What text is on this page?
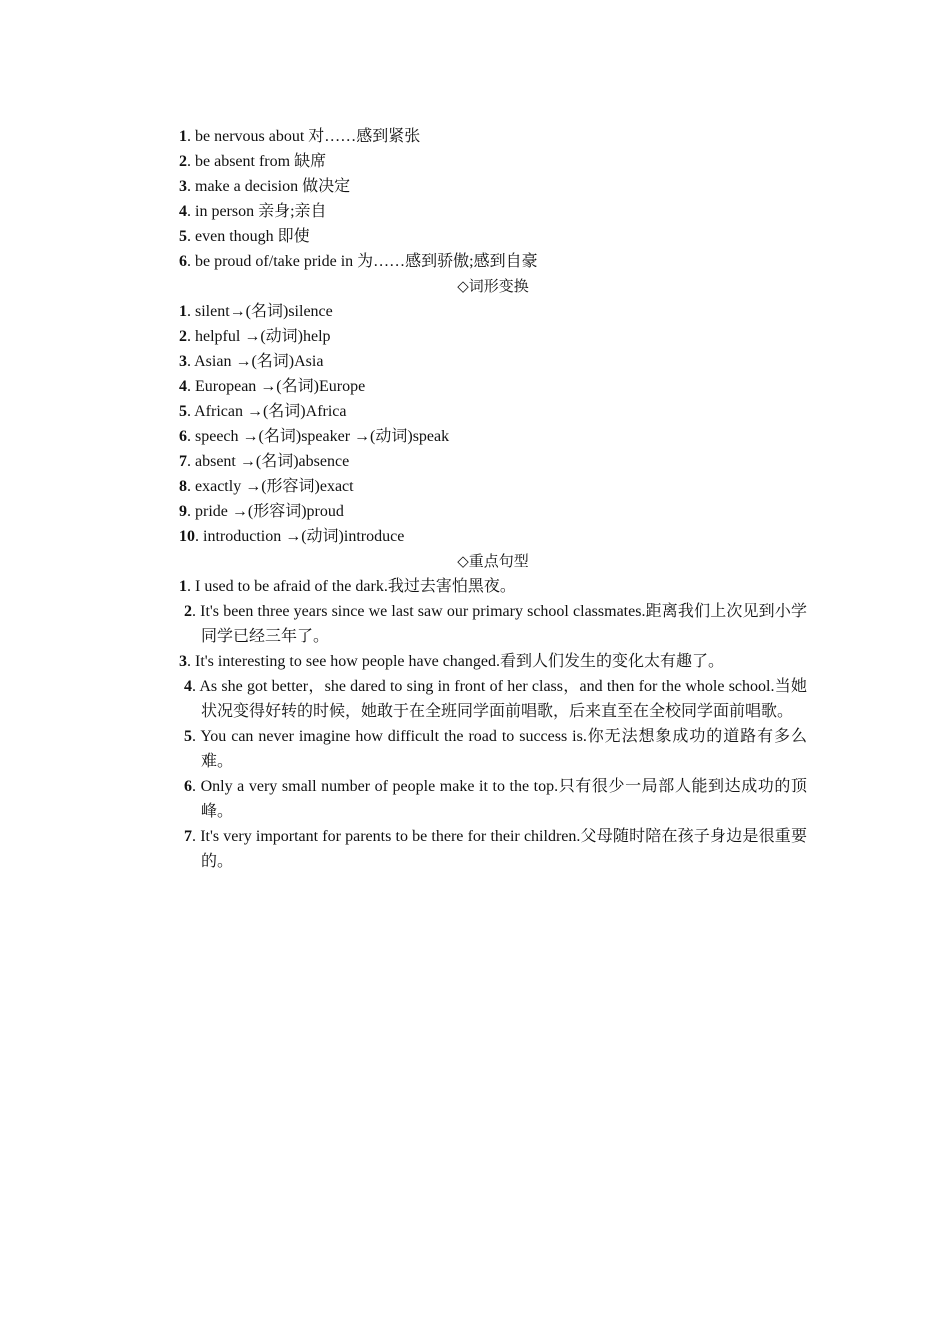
1. be nervous about 对……感到紧张
2. be absent from 缺席
3. make a decision 做决定
4. in person 亲身;亲自
5. even though 即使
6. be proud of/take pride in 为……感到骄傲;感到自豪
◇词形变换
1. silent→(名词)silence
2. helpful →(动词)help
3. Asian →(名词)Asia
4. European →(名词)Europe
5. African →(名词)Africa
6. speech →(名词)speaker →(动词)speak
7. absent →(名词)absence
8. exactly →(形容词)exact
9. pride →(形容词)proud
10. introduction →(动词)introduce
◇重点句型
1. I used to be afraid of the dark.我过去害怕黑夜。
2. It's been three years since we last saw our primary school classmates.距离我们上次见到小学同学已经三年了。
3. It's interesting to see how people have changed.看到人们发生的变化太有趣了。
4. As she got better，she dared to sing in front of her class，and then for the whole school.当她状况变得好转的时候，她敢于在全班同学面前唱歌，后来直至在全校同学面前唱歌。
5. You can never imagine how difficult the road to success is.你无法想象成功的道路有多么难。
6. Only a very small number of people make it to the top.只有很少一局部人能到达成功的顶峰。
7. It's very important for parents to be there for their children.父母随时陪在孩子身边是很重要的。
